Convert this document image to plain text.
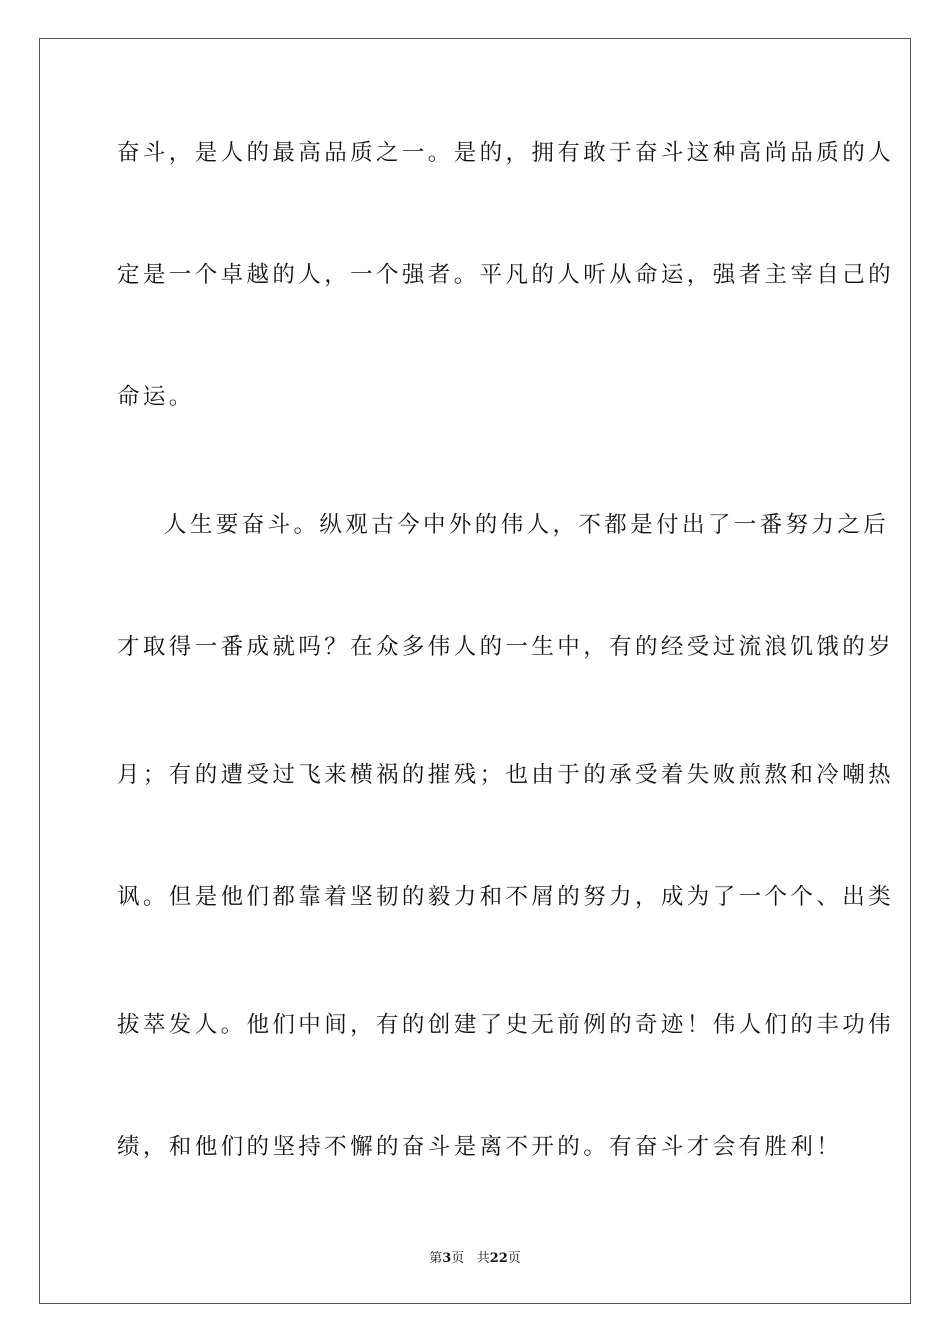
奋斗，是人的最高品质之一。是的，拥有敢于奋斗这种高尚品质的人
定是一个卓越的人，一个强者。平凡的人听从命运，强者主宰自己的
命运。
人生要奋斗。纵观古今中外的伟人，不都是付出了一番努力之后
才取得一番成就吗？在众多伟人的一生中，有的经受过流浪饥饿的岁
月；有的遭受过飞来横祸的摧残；也由于的承受着失败煎熬和冷嘲热
讽。但是他们都靠着坚韧的毅力和不屑的努力，成为了一个个、出类
拔萃发人。他们中间，有的创建了史无前例的奇迹！伟人们的丰功伟
绩，和他们的坚持不懈的奋斗是离不开的。有奋斗才会有胜利！
第3页 共22页
